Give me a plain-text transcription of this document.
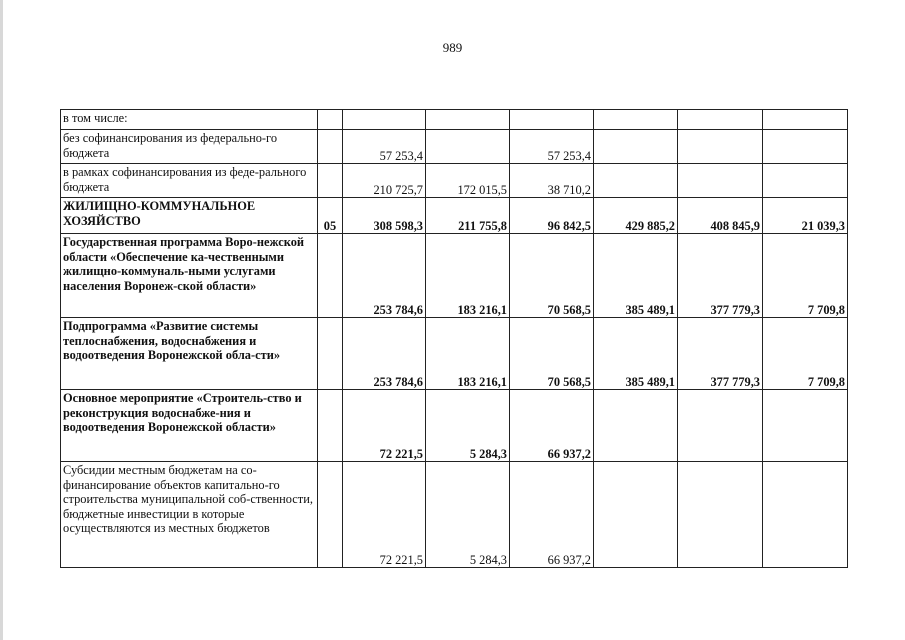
989
в том числе:							
без софинансирования из федерально-го бюджета		57 253,4		57 253,4			
в рамках софинансирования из феде-рального бюджета		210 725,7	172 015,5	38 710,2			
ЖИЛИЩНО-КОММУНАЛЬНОЕ ХОЗЯЙСТВО	05	308 598,3	211 755,8	96 842,5	429 885,2	408 845,9	21 039,3
Государственная программа Воро-нежской области «Обеспечение ка-чественными жилищно-коммуналь-ными услугами населения Воронеж-ской области»		253 784,6	183 216,1	70 568,5	385 489,1	377 779,3	7 709,8
Подпрограмма «Развитие системы теплоснабжения, водоснабжения и водоотведения Воронежской обла-сти»		253 784,6	183 216,1	70 568,5	385 489,1	377 779,3	7 709,8
Основное мероприятие «Строитель-ство и реконструкция водоснабже-ния и водоотведения Воронежской области»		72 221,5	5 284,3	66 937,2			
Субсидии местным бюджетам на со-финансирование объектов капитально-го строительства муниципальной соб-ственности, бюджетные инвестиции в которые осуществляются из местных бюджетов		72 221,5	5 284,3	66 937,2			
